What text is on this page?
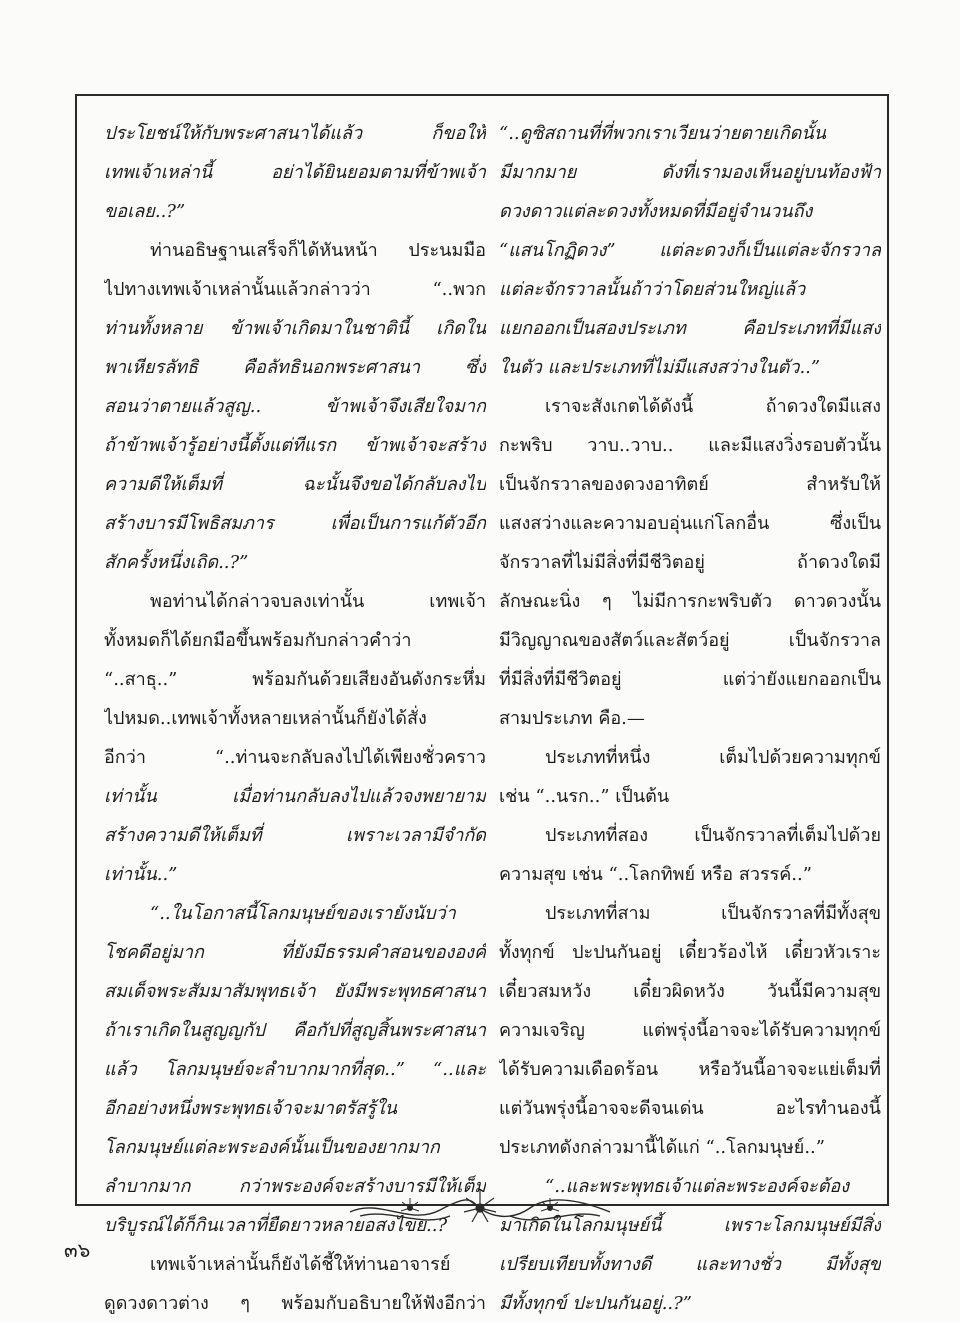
ประโยชน์ให้กับพระศาสนาได้แล้ว ก็ขอให้
เทพเจ้าเหล่านี้ อย่าได้ยินยอมตามที่ข้าพเจ้า
ขอเลย..?”
ท่านอธิษฐานเสร็จก็ได้หันหน้า ประนมมือ
ไปทางเทพเจ้าเหล่านั้นแล้วกล่าวว่า “..พวก
ท่านทั้งหลาย ข้าพเจ้าเกิดมาในชาตินี้ เกิดใน
พาเหียรลัทธิ คือลัทธินอกพระศาสนา ซึ่ง
สอนว่าตายแล้วสูญ.. ข้าพเจ้าจึงเสียใจมาก
ถ้าข้าพเจ้ารู้อย่างนี้ตั้งแต่ทีแรก ข้าพเจ้าจะสร้าง
ความดีให้เต็มที่ ฉะนั้นจึงขอได้กลับลงไป
สร้างบารมีโพธิสมภาร เพื่อเป็นการแก้ตัวอีก
สักครั้งหนึ่งเถิด..?”
พอท่านได้กล่าวจบลงเท่านั้น เทพเจ้า
ทั้งหมดก็ได้ยกมือขึ้นพร้อมกับกล่าวคำว่า
“..สาธุ..” พร้อมกันด้วยเสียงอันดังกระหึ่ม
ไปหมด..เทพเจ้าทั้งหลายเหล่านั้นก็ยังได้สั่ง
อีกว่า “..ท่านจะกลับลงไปได้เพียงชั่วคราว
เท่านั้น เมื่อท่านกลับลงไปแล้วจงพยายาม
สร้างความดีให้เต็มที่ เพราะเวลามีจำกัด
เท่านั้น..”
“..ในโอกาสนี้โลกมนุษย์ของเรายังนับว่า
โชคดีอยู่มาก ที่ยังมีธรรมคำสอนขององค์
สมเด็จพระสัมมาสัมพุทธเจ้า ยังมีพระพุทธศาสนา
ถ้าเราเกิดในสูญญกัป คือกัปที่สูญสิ้นพระศาสนา
แล้ว โลกมนุษย์จะลำบากมากที่สุด..” “..และ
อีกอย่างหนึ่งพระพุทธเจ้าจะมาตรัสรู้ใน
โลกมนุษย์แต่ละพระองค์นั้นเป็นของยากมาก
ลำบากมาก กว่าพระองค์จะสร้างบารมีให้เต็ม
บริบูรณ์ได้ก็กินเวลาที่ยืดยาวหลายอสงไขย..?
เทพเจ้าเหล่านั้นก็ยังได้ชี้ให้ท่านอาจารย์
ดูดวงดาวต่าง ๆ พร้อมกับอธิบายให้ฟังอีกว่า
“..ดูซิสถานที่ที่พวกเราเวียนว่ายตายเกิดนั้น
มีมากมาย ดังที่เรามองเห็นอยู่บนท้องฟ้า
ดวงดาวแต่ละดวงทั้งหมดที่มีอยู่จำนวนถึง
“แสนโกฏิดวง” แต่ละดวงก็เป็นแต่ละจักรวาล
แต่ละจักรวาลนั้นถ้าว่าโดยส่วนใหญ่แล้ว
แยกออกเป็นสองประเภท คือประเภทที่มีแสง
ในตัว และประเภทที่ไม่มีแสงสว่างในตัว..”
เราจะสังเกตได้ดังนี้ ถ้าดวงใดมีแสง
กะพริบ วาบ..วาบ.. และมีแสงวิ่งรอบตัวนั้น
เป็นจักรวาลของดวงอาทิตย์ สำหรับให้
แสงสว่างและความอบอุ่นแก่โลกอื่น ซึ่งเป็น
จักรวาลที่ไม่มีสิ่งที่มีชีวิตอยู่ ถ้าดวงใดมี
ลักษณะนิ่ง ๆ ไม่มีการกะพริบตัว ดาวดวงนั้น
มีวิญญาณของสัตว์และสัตว์อยู่ เป็นจักรวาล
ที่มีสิ่งที่มีชีวิตอยู่ แต่ว่ายังแยกออกเป็น
สามประเภท คือ.—
ประเภทที่หนึ่ง เต็มไปด้วยความทุกข์
เช่น “..นรก..” เป็นต้น
ประเภทที่สอง เป็นจักรวาลที่เต็มไปด้วย
ความสุข เช่น “..โลกทิพย์ หรือ สวรรค์..”
ประเภทที่สาม เป็นจักรวาลที่มีทั้งสุข
ทั้งทุกข์ ปะปนกันอยู่ เดี๋ยวร้องไห้ เดี๋ยวหัวเราะ
เดี๋ยวสมหวัง เดี๋ยวผิดหวัง วันนี้มีความสุข
ความเจริญ แต่พรุ่งนี้อาจจะได้รับความทุกข์
ได้รับความเดือดร้อน หรือวันนี้อาจจะแย่เต็มที่
แต่วันพรุ่งนี้อาจจะดีจนเด่น อะไรทำนองนี้
ประเภทดังกล่าวมานี้ได้แก่ “..โลกมนุษย์..”
“..และพระพุทธเจ้าแต่ละพระองค์จะต้อง
มาเกิดในโลกมนุษย์นี้ เพราะโลกมนุษย์มีสิ่ง
เปรียบเทียบทั้งทางดี และทางชั่ว มีทั้งสุข
มีทั้งทุกข์ ปะปนกันอยู่..?”
๓๖
